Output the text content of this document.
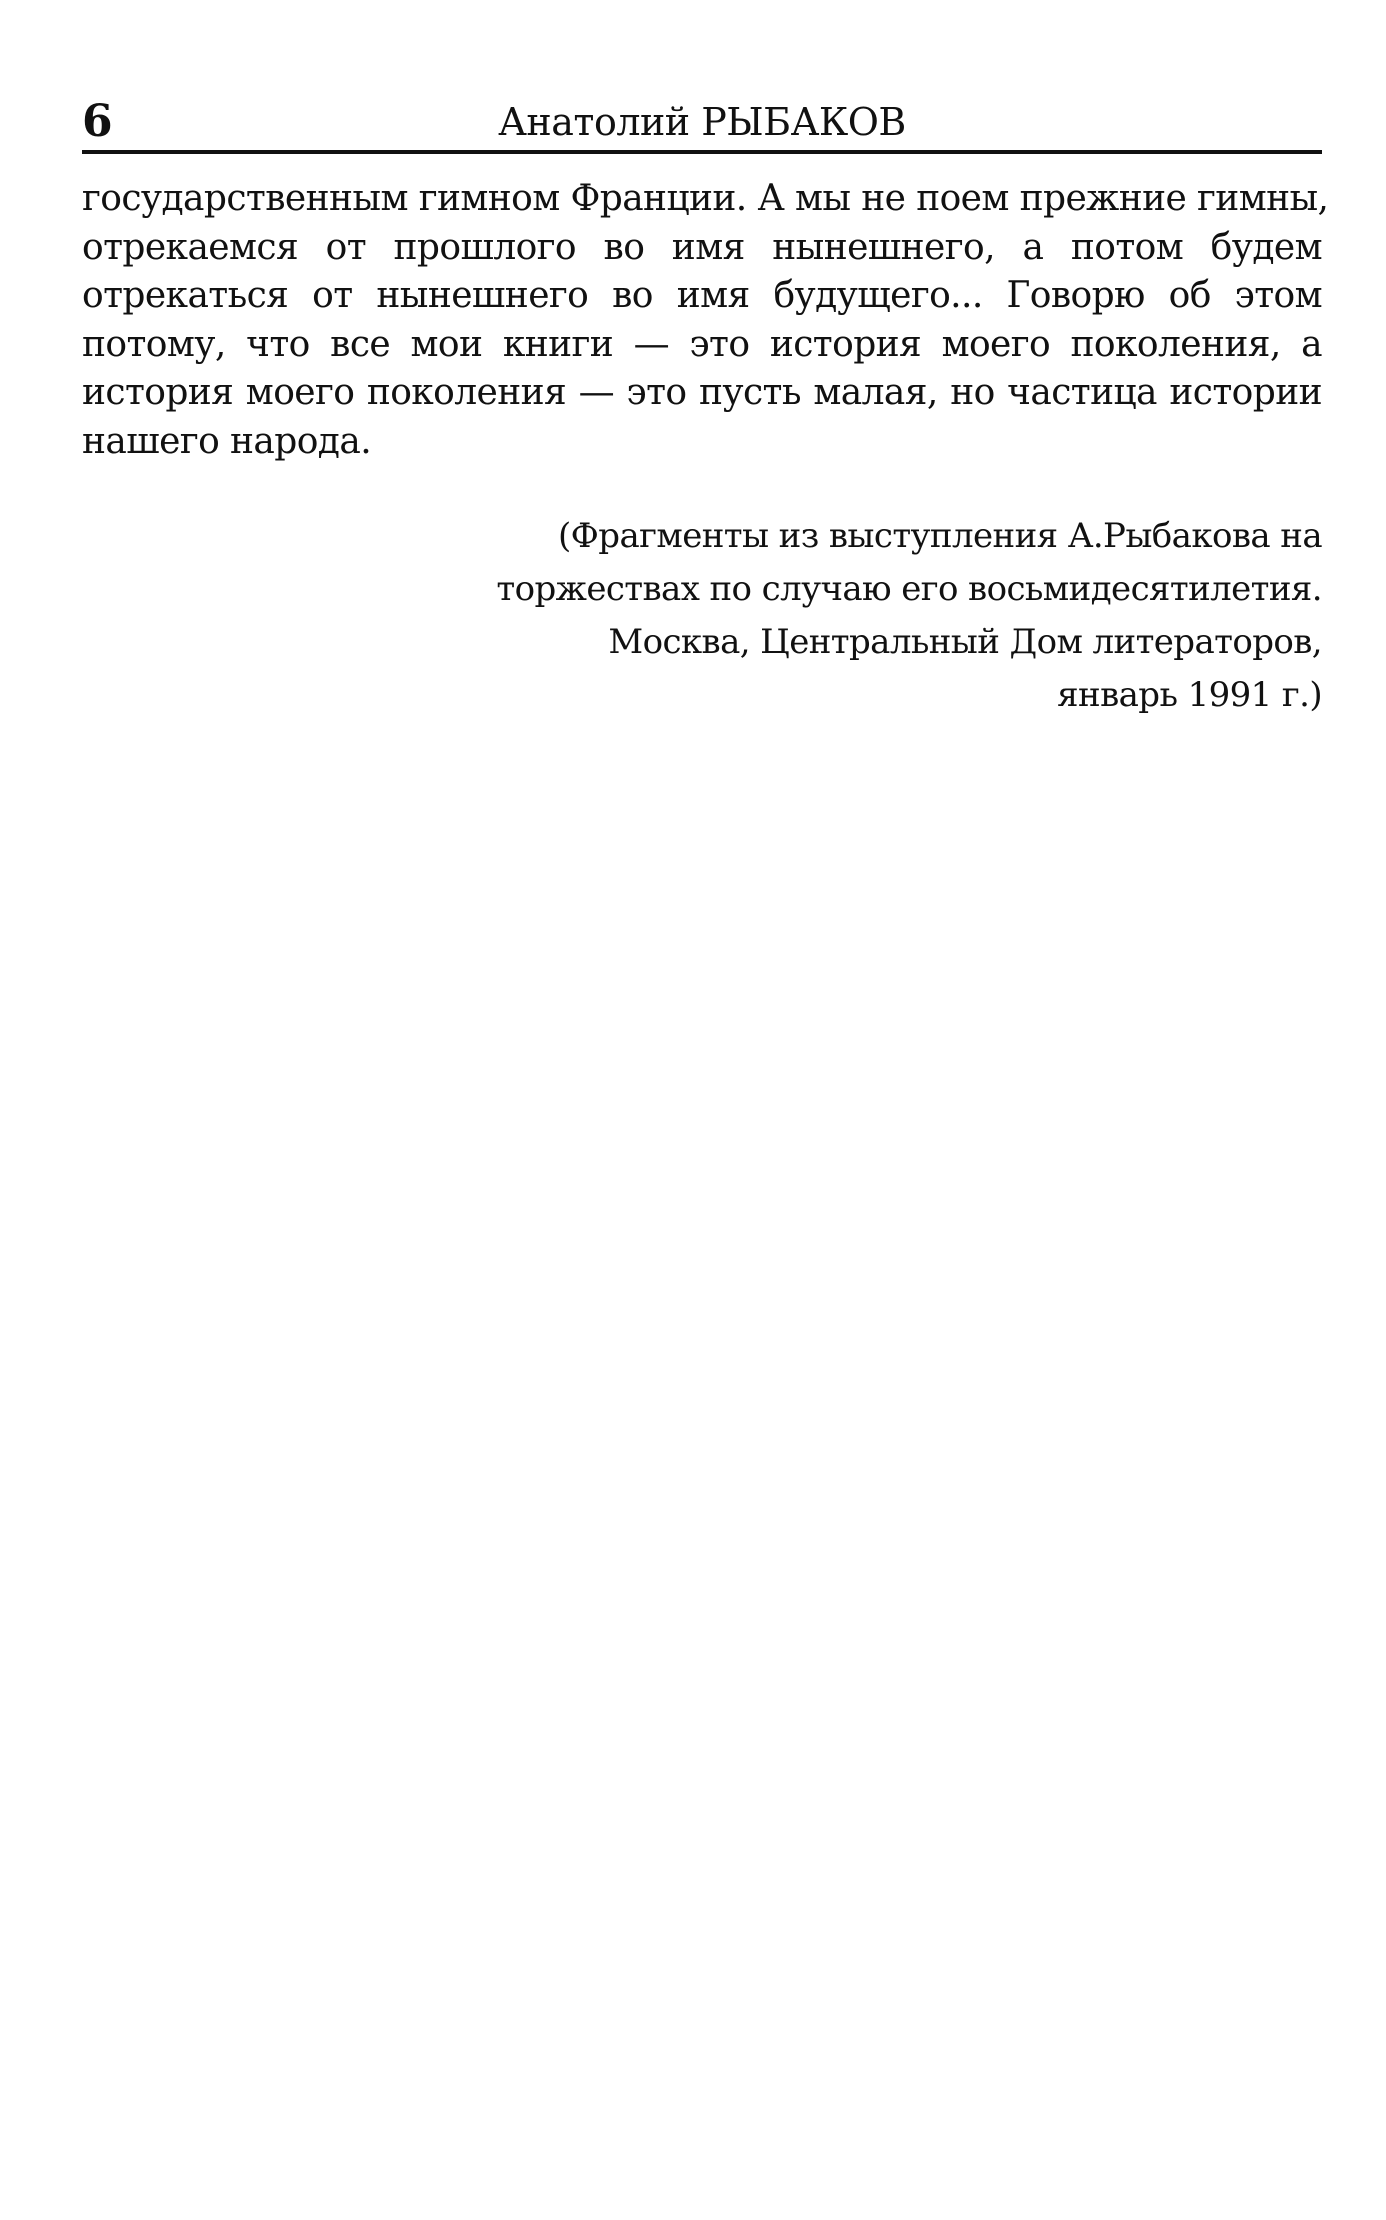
6	Анатолий РЫБАКОВ
государственным гимном Франции. А мы не поем прежние гимны,
отрекаемся от прошлого во имя нынешнего, а потом будем
отрекаться от нынешнего во имя будущего... Говорю об этом
потому, что все мои книги — это история моего поколения, а
история моего поколения — это пусть малая, но частица истории
нашего народа.
(Фрагменты из выступления А.Рыбакова на
торжествах по случаю его восьмидесятилетия.
Москва, Центральный Дом литераторов,
январь 1991 г.)
